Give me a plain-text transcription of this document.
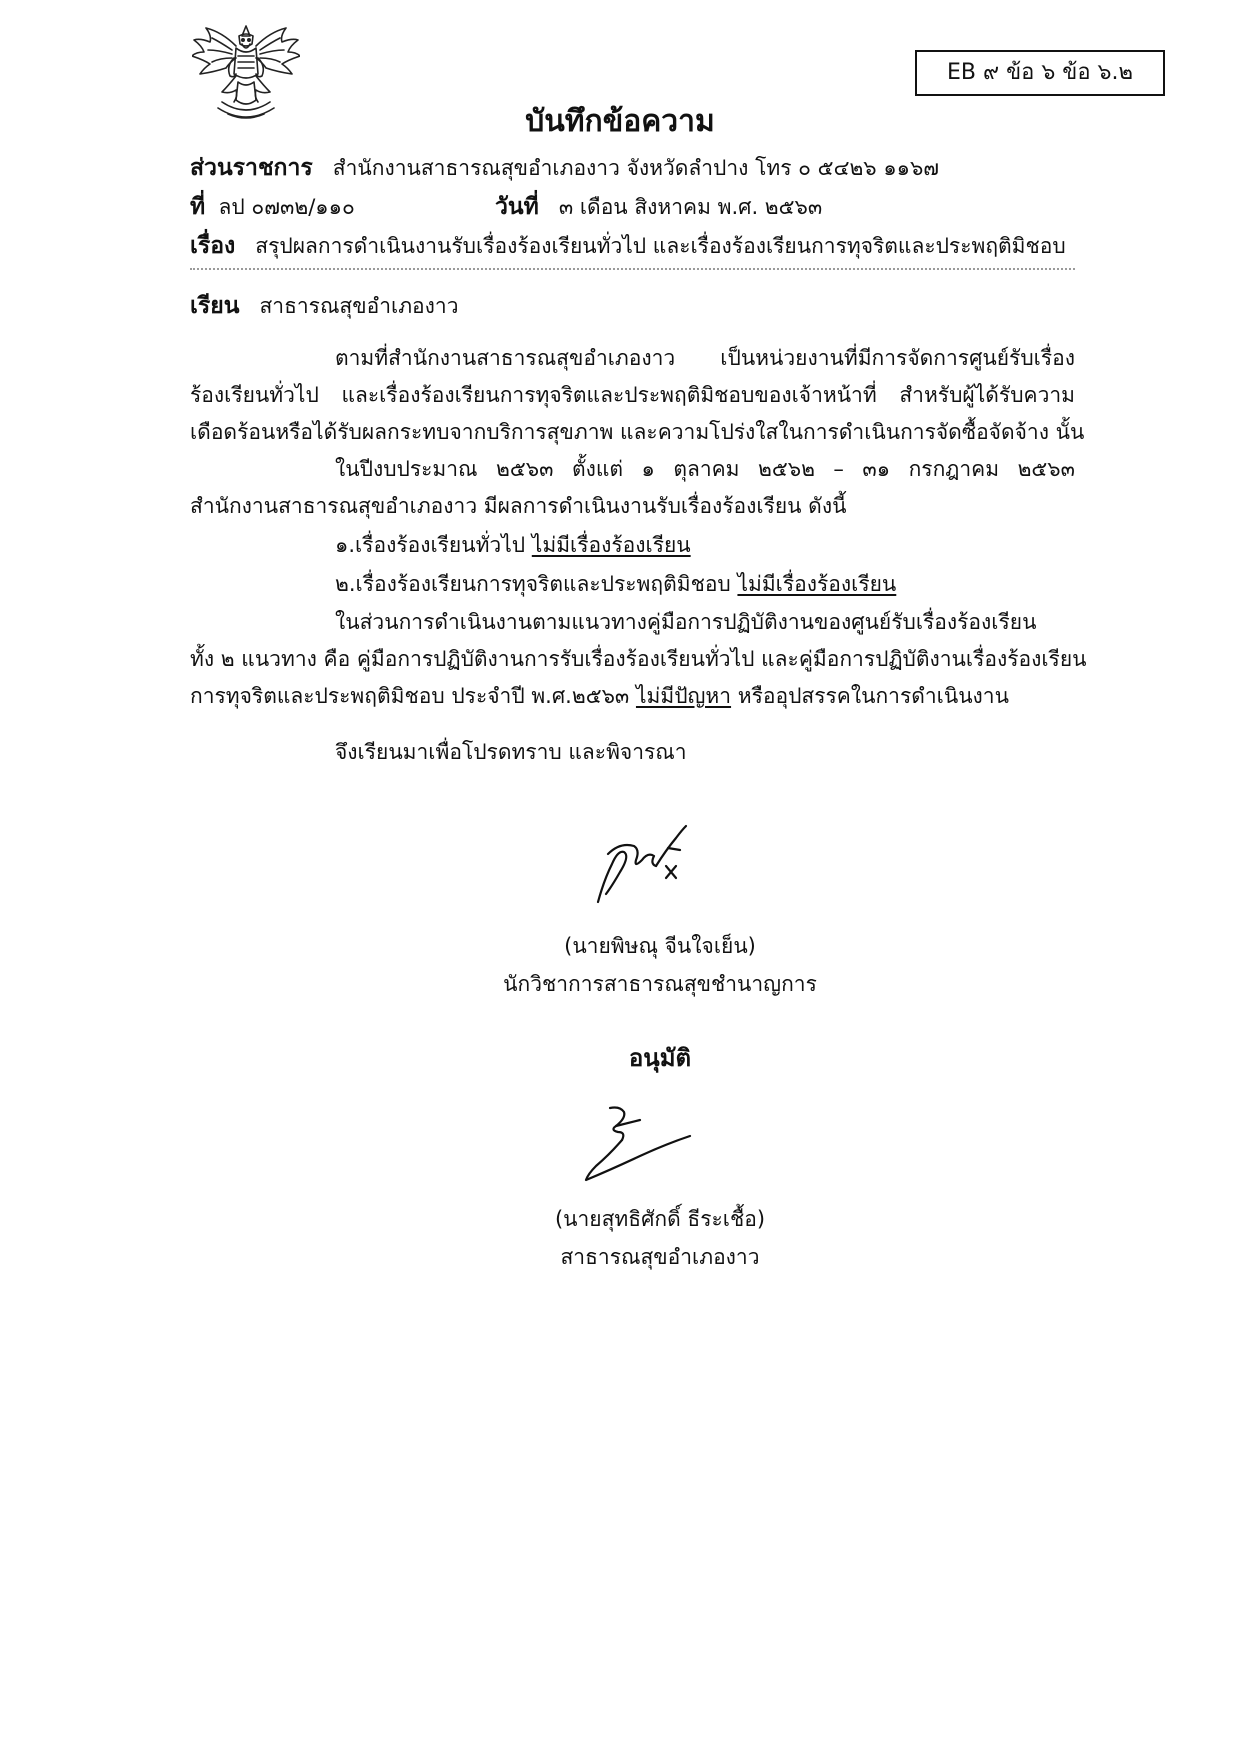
EB ๙ ข้อ ๖ ข้อ ๖.๒
บันทึกข้อความ
ส่วนราชการ สำนักงานสาธารณสุขอำเภองาว จังหวัดลำปาง โทร ๐ ๕๔๒๖ ๑๑๖๗
ที่ ลป ๐๗๓๒/๑๑๐	วันที่ ๓ เดือน สิงหาคม พ.ศ. ๒๕๖๓
เรื่อง สรุปผลการดำเนินงานรับเรื่องร้องเรียนทั่วไป และเรื่องร้องเรียนการทุจริตและประพฤติมิชอบ
เรียน สาธารณสุขอำเภองาว
ตามที่สำนักงานสาธารณสุขอำเภองาว เป็นหน่วยงานที่มีการจัดการศูนย์รับเรื่อง
ร้องเรียนทั่วไป และเรื่องร้องเรียนการทุจริตและประพฤติมิชอบของเจ้าหน้าที่ สำหรับผู้ได้รับความ
เดือดร้อนหรือได้รับผลกระทบจากบริการสุขภาพ และความโปร่งใสในการดำเนินการจัดซื้อจัดจ้าง นั้น
ในปีงบประมาณ ๒๕๖๓ ตั้งแต่ ๑ ตุลาคม ๒๕๖๒ – ๓๑ กรกฎาคม ๒๕๖๓
สำนักงานสาธารณสุขอำเภองาว มีผลการดำเนินงานรับเรื่องร้องเรียน ดังนี้
๑.เรื่องร้องเรียนทั่วไป ไม่มีเรื่องร้องเรียน
๒.เรื่องร้องเรียนการทุจริตและประพฤติมิชอบ ไม่มีเรื่องร้องเรียน
ในส่วนการดำเนินงานตามแนวทางคู่มือการปฏิบัติงานของศูนย์รับเรื่องร้องเรียน
ทั้ง ๒ แนวทาง คือ คู่มือการปฏิบัติงานการรับเรื่องร้องเรียนทั่วไป และคู่มือการปฏิบัติงานเรื่องร้องเรียน
การทุจริตและประพฤติมิชอบ ประจำปี พ.ศ.๒๕๖๓ ไม่มีปัญหา หรืออุปสรรคในการดำเนินงาน
จึงเรียนมาเพื่อโปรดทราบ และพิจารณา
(นายพิษณุ จีนใจเย็น)
นักวิชาการสาธารณสุขชำนาญการ
อนุมัติ
(นายสุทธิศักดิ์ ธีระเชื้อ)
สาธารณสุขอำเภองาว
